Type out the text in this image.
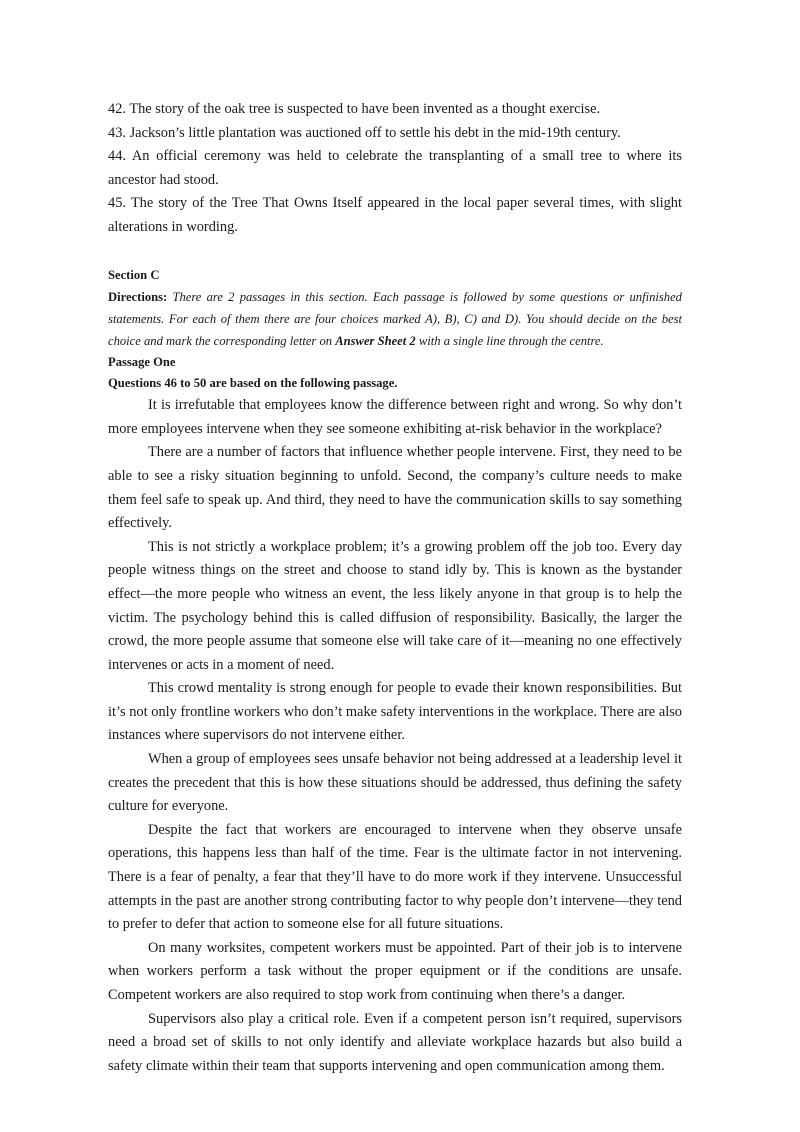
42. The story of the oak tree is suspected to have been invented as a thought exercise.

43. Jackson’s little plantation was auctioned off to settle his debt in the mid-19th century.

44. An official ceremony was held to celebrate the transplanting of a small tree to where its ancestor had stood.

45. The story of the Tree That Owns Itself appeared in the local paper several times, with slight alterations in wording.

Section C

Directions: There are 2 passages in this section. Each passage is followed by some questions or unfinished statements. For each of them there are four choices marked A), B), C) and D). You should decide on the best choice and mark the corresponding letter on Answer Sheet 2 with a single line through the centre.

Passage One

Questions 46 to 50 are based on the following passage.

It is irrefutable that employees know the difference between right and wrong. So why don’t more employees intervene when they see someone exhibiting at-risk behavior in the workplace?

There are a number of factors that influence whether people intervene. First, they need to be able to see a risky situation beginning to unfold. Second, the company’s culture needs to make them feel safe to speak up. And third, they need to have the communication skills to say something effectively.

This is not strictly a workplace problem; it’s a growing problem off the job too. Every day people witness things on the street and choose to stand idly by. This is known as the bystander effect—the more people who witness an event, the less likely anyone in that group is to help the victim. The psychology behind this is called diffusion of responsibility. Basically, the larger the crowd, the more people assume that someone else will take care of it—meaning no one effectively intervenes or acts in a moment of need.

This crowd mentality is strong enough for people to evade their known responsibilities. But it’s not only frontline workers who don’t make safety interventions in the workplace. There are also instances where supervisors do not intervene either.

When a group of employees sees unsafe behavior not being addressed at a leadership level it creates the precedent that this is how these situations should be addressed, thus defining the safety culture for everyone.

Despite the fact that workers are encouraged to intervene when they observe unsafe operations, this happens less than half of the time. Fear is the ultimate factor in not intervening. There is a fear of penalty, a fear that they’ll have to do more work if they intervene. Unsuccessful attempts in the past are another strong contributing factor to why people don’t intervene—they tend to prefer to defer that action to someone else for all future situations.

On many worksites, competent workers must be appointed. Part of their job is to intervene when workers perform a task without the proper equipment or if the conditions are unsafe. Competent workers are also required to stop work from continuing when there’s a danger.

Supervisors also play a critical role. Even if a competent person isn’t required, supervisors need a broad set of skills to not only identify and alleviate workplace hazards but also build a safety climate within their team that supports intervening and open communication among them.
